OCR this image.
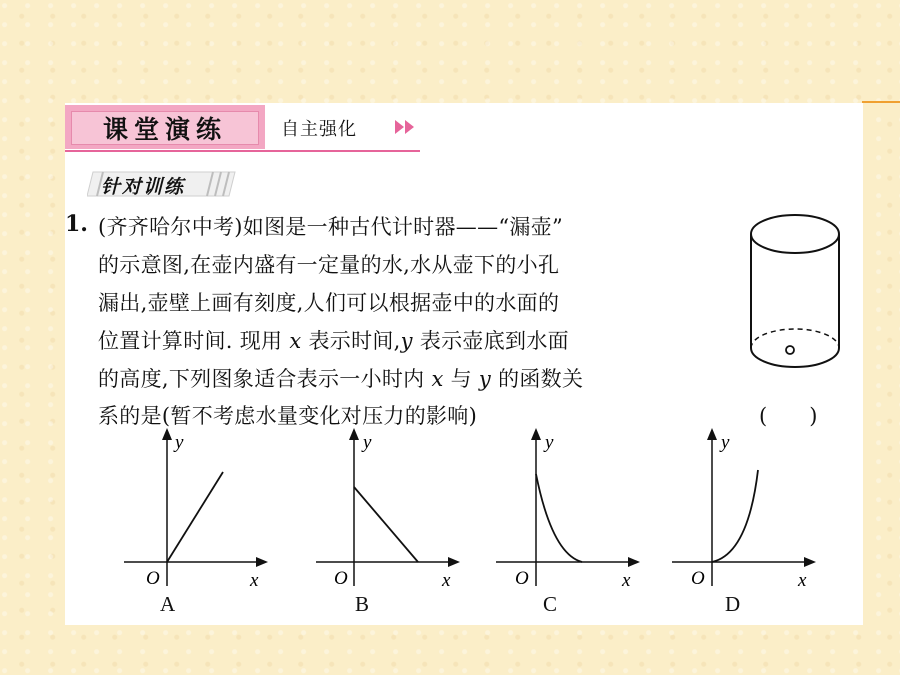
课堂演练	自主强化
针对训练
1. (齐齐哈尔中考)如图是一种古代计时器——“漏壶”
的示意图,在壶内盛有一定量的水,水从壶下的小孔
漏出,壶壁上画有刻度,人们可以根据壶中的水面的
位置计算时间. 现用 x 表示时间,y 表示壶底到水面
的高度,下列图象适合表示一小时内 x 与 y 的函数关
系的是(暂不考虑水量变化对压力的影响)	(　　)
O	x
y
A
O	x
y
B
O	x
y
C
O	x
y
D
